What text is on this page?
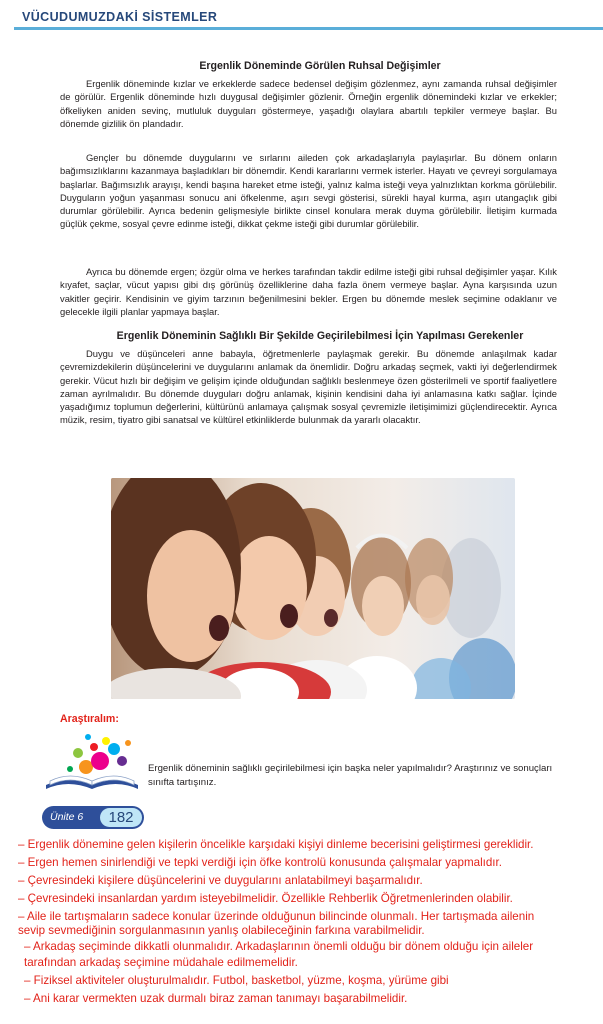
VÜCUDUMUZDAKİ SİSTEMLER
Ergenlik Döneminde Görülen Ruhsal Değişimler

Ergenlik döneminde kızlar ve erkeklerde sadece bedensel değişim gözlenmez, aynı zamanda ruhsal değişimler de görülür. Ergenlik döneminde hızlı duygusal değişimler gözlenir. Örneğin ergenlik dönemindeki kızlar ve erkekler; öfkeliyken aniden sevinç, mutluluk duyguları göstermeye, yaşadığı olaylara abartılı tepkiler vermeye başlar. Bu dönemde gizlilik ön plandadır.

Gençler bu dönemde duygularını ve sırlarını aileden çok arkadaşlarıyla paylaşırlar. Bu dönem onların bağımsızlıklarını kazanmaya başladıkları bir dönemdir. Kendi kararlarını vermek isterler. Hayatı ve çevreyi sorgulamaya başlarlar. Bağımsızlık arayışı, kendi başına hareket etme isteği, yalnız kalma isteği veya yalnızlıktan korkma görülebilir. Duyguların yoğun yaşanması sonucu ani öfkelenme, aşırı sevgi gösterisi, sürekli hayal kurma, aşırı utangaçlık gibi durumlar görülebilir. Ayrıca bedenin gelişmesiyle birlikte cinsel konulara merak duyma görülebilir. İletişim kurmada güçlük çekme, sosyal çevre edinme isteği, dikkat çekme isteği gibi durumlar görülebilir.

Ayrıca bu dönemde ergen; özgür olma ve herkes tarafından takdir edilme isteği gibi ruhsal değişimler yaşar. Kılık kıyafet, saçlar, vücut yapısı gibi dış görünüş özelliklerine daha fazla önem vermeye başlar. Ayna karşısında uzun vakitler geçirir. Kendisinin ve giyim tarzının beğenilmesini bekler. Ergen bu dönemde meslek seçimine odaklanır ve gelecekle ilgili planlar yapmaya başlar.

Ergenlik Döneminin Sağlıklı Bir Şekilde Geçirilebilmesi İçin Yapılması Gerekenler

Duygu ve düşünceleri anne babayla, öğretmenlerle paylaşmak gerekir. Bu dönemde anlaşılmak kadar çevremizdekilerin düşüncelerini ve duygularını anlamak da önemlidir. Doğru arkadaş seçmek, vakti iyi değerlendirmek gerekir. Vücut hızlı bir değişim ve gelişim içinde olduğundan sağlıklı beslenmeye özen gösterilmeli ve sportif faaliyetlere zaman ayrılmalıdır. Bu dönemde duyguları doğru anlamak, kişinin kendisini daha iyi anlamasına katkı sağlar. İçinde yaşadığımız toplumun değerlerini, kültürünü anlamaya çalışmak sosyal çevremizle iletişimimizi güçlendirecektir. Ayrıca müzik, resim, tiyatro gibi sanatsal ve kültürel etkinliklerde bulunmak da yararlı olacaktır.

Araştıralım:

Ergenlik döneminin sağlıklı geçirilebilmesi için başka neler yapılmalıdır? Araştırınız ve sonuçları sınıfta tartışınız.

Ünite 6	182

– Ergenlik dönemine gelen kişilerin öncelikle karşıdaki kişiyi dinleme becerisini geliştirmesi gereklidir.

– Ergen hemen sinirlendiği ve tepki verdiği için öfke kontrolü konusunda çalışmalar yapmalıdır.

– Çevresindeki kişilere düşüncelerini ve duygularını anlatabilmeyi başarmalıdır.

– Çevresindeki insanlardan yardım isteyebilmelidir. Özellikle Rehberlik Öğretmenlerinden olabilir.

– Aile ile tartışmaların sadece konular üzerinde olduğunun bilincinde olunmalı. Her tartışmada ailenin

sevip sevmediğinin sorgulanmasının yanlış olabileceğinin farkına varabilmelidir.

– Arkadaş seçiminde dikkatli olunmalıdır. Arkadaşlarının önemli olduğu bir dönem olduğu için aileler

tarafından arkadaş seçimine müdahale edilmemelidir.

– Fiziksel aktiviteler oluşturulmalıdır. Futbol, basketbol, yüzme, koşma, yürüme gibi

– Ani karar vermekten uzak durmalı biraz zaman tanımayı başarabilmelidir.
